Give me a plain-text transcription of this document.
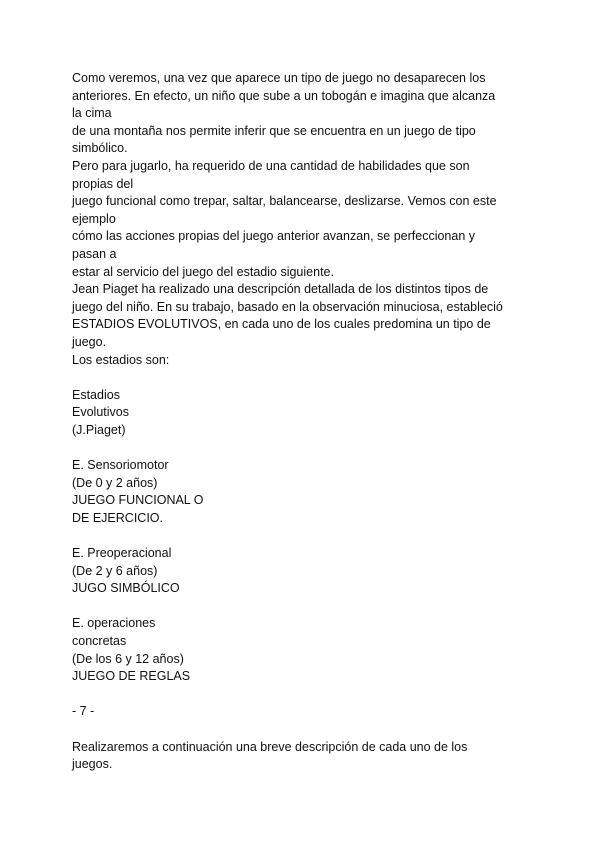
Como veremos, una vez que aparece un tipo de juego no desaparecen los
anteriores. En efecto, un niño que sube a un tobogán e imagina que alcanza
la cima
de una montaña nos permite inferir que se encuentra en un juego de tipo
simbólico.
Pero para jugarlo, ha requerido de una cantidad de habilidades que son
propias del
juego funcional como trepar, saltar, balancearse, deslizarse. Vemos con este
ejemplo
cómo las acciones propias del juego anterior avanzan, se perfeccionan y
pasan a
estar al servicio del juego del estadio siguiente.
Jean Piaget ha realizado una descripción detallada de los distintos tipos de
juego del niño. En su trabajo, basado en la observación minuciosa, estableció
ESTADIOS EVOLUTIVOS, en cada uno de los cuales predomina un tipo de
juego.
Los estadios son:
Estadios
Evolutivos
(J.Piaget)
E. Sensoriomotor
(De 0 y 2 años)
JUEGO FUNCIONAL O
DE EJERCICIO.
E. Preoperacional
(De 2 y 6 años)
JUGO SIMBÓLICO
E. operaciones
concretas
(De los 6 y 12 años)
JUEGO DE REGLAS
- 7 -
Realizaremos a continuación una breve descripción de cada uno de los
juegos.
